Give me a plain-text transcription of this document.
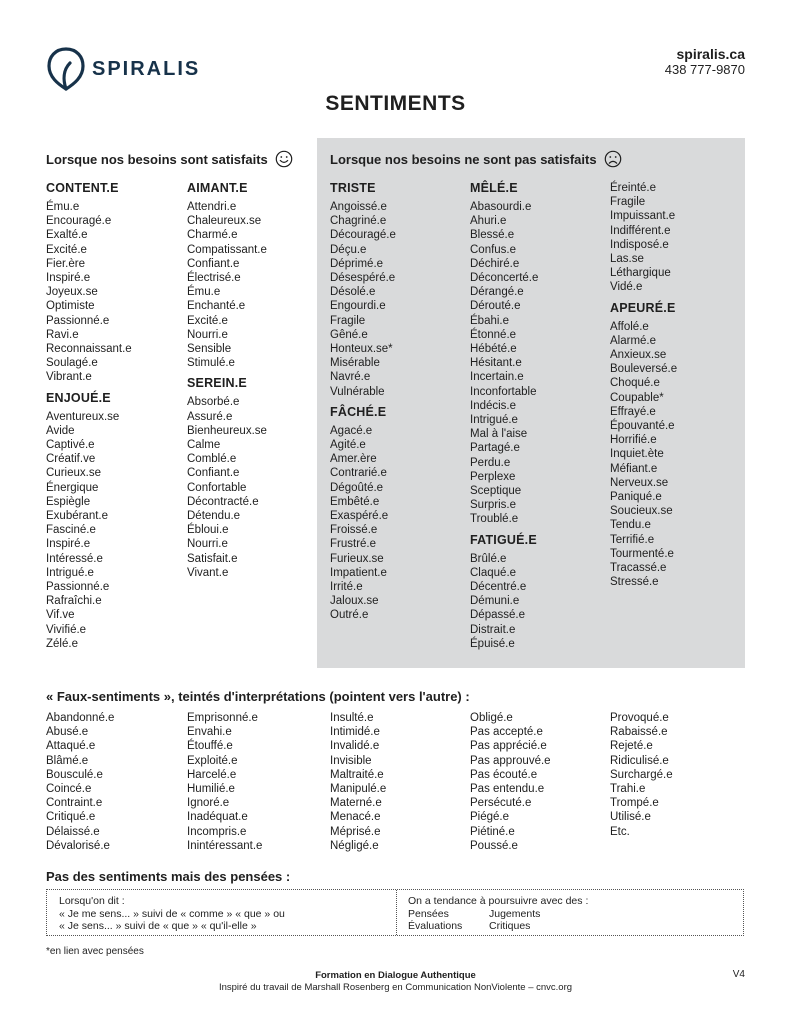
SPIRALIS
spiralis.ca
438 777-9870
SENTIMENTS
Lorsque nos besoins sont satisfaits	Lorsque nos besoins ne sont pas satisfaits
CONTENT.E
Ému.e
Encouragé.e
Exalté.e
Excité.e
Fier.ère
Inspiré.e
Joyeux.se
Optimiste
Passionné.e
Ravi.e
Reconnaissant.e
Soulagé.e
Vibrant.e
ENJOUÉ.E
Aventureux.se
Avide
Captivé.e
Créatif.ve
Curieux.se
Énergique
Espiègle
Exubérant.e
Fasciné.e
Inspiré.e
Intéressé.e
Intrigué.e
Passionné.e
Rafraîchi.e
Vif.ve
Vivifié.e
Zélé.e
AIMANT.E
Attendri.e
Chaleureux.se
Charmé.e
Compatissant.e
Confiant.e
Électrisé.e
Ému.e
Enchanté.e
Excité.e
Nourri.e
Sensible
Stimulé.e
SEREIN.E
Absorbé.e
Assuré.e
Bienheureux.se
Calme
Comblé.e
Confiant.e
Confortable
Décontracté.e
Détendu.e
Ébloui.e
Nourri.e
Satisfait.e
Vivant.e
TRISTE
Angoissé.e
Chagriné.e
Découragé.e
Déçu.e
Déprimé.e
Désespéré.e
Désolé.e
Engourdi.e
Fragile
Gêné.e
Honteux.se*
Misérable
Navré.e
Vulnérable
FÂCHÉ.E
Agacé.e
Agité.e
Amer.ère
Contrarié.e
Dégoûté.e
Embêté.e
Exaspéré.e
Froissé.e
Frustré.e
Furieux.se
Impatient.e
Irrité.e
Jaloux.se
Outré.e
MÊLÉ.E
Abasourdi.e
Ahuri.e
Blessé.e
Confus.e
Déchiré.e
Déconcerté.e
Dérangé.e
Dérouté.e
Ébahi.e
Étonné.e
Hébété.e
Hésitant.e
Incertain.e
Inconfortable
Indécis.e
Intrigué.e
Mal à l'aise
Partagé.e
Perdu.e
Perplexe
Sceptique
Surpris.e
Troublé.e
FATIGUÉ.E
Brûlé.e
Claqué.e
Décentré.e
Démuni.e
Dépassé.e
Distrait.e
Épuisé.e
Éreinté.e
Fragile
Impuissant.e
Indifférent.e
Indisposé.e
Las.se
Léthargique
Vidé.e
APEURÉ.E
Affolé.e
Alarmé.e
Anxieux.se
Bouleversé.e
Choqué.e
Coupable*
Effrayé.e
Épouvanté.e
Horrifié.e
Inquiet.ète
Méfiant.e
Nerveux.se
Paniqué.e
Soucieux.se
Tendu.e
Terrifié.e
Tourmenté.e
Tracassé.e
Stressé.e
« Faux-sentiments », teintés d'interprétations (pointent vers l'autre) :
Abandonné.e
Abusé.e
Attaqué.e
Blâmé.e
Bousculé.e
Coincé.e
Contraint.e
Critiqué.e
Délaissé.e
Dévalorisé.e
Emprisonné.e
Envahi.e
Étouffé.e
Exploité.e
Harcelé.e
Humilié.e
Ignoré.e
Inadéquat.e
Incompris.e
Inintéressant.e
Insulté.e
Intimidé.e
Invalidé.e
Invisible
Maltraité.e
Manipulé.e
Materné.e
Menacé.e
Méprisé.e
Négligé.e
Obligé.e
Pas accepté.e
Pas apprécié.e
Pas approuvé.e
Pas écouté.e
Pas entendu.e
Persécuté.e
Piégé.e
Piétiné.e
Poussé.e
Provoqué.e
Rabaissé.e
Rejeté.e
Ridiculisé.e
Surchargé.e
Trahi.e
Trompé.e
Utilisé.e
Etc.
Pas des sentiments mais des pensées :
Lorsqu'on dit :
« Je me sens... » suivi de « comme » « que » ou
« Je sens... » suivi de « que » « qu'il-elle »
On a tendance à poursuivre avec des :
Pensées
Évaluations
Jugements
Critiques
*en lien avec pensées
Formation en Dialogue Authentique
Inspiré du travail de Marshall Rosenberg en Communication NonViolente – cnvc.org
V4
